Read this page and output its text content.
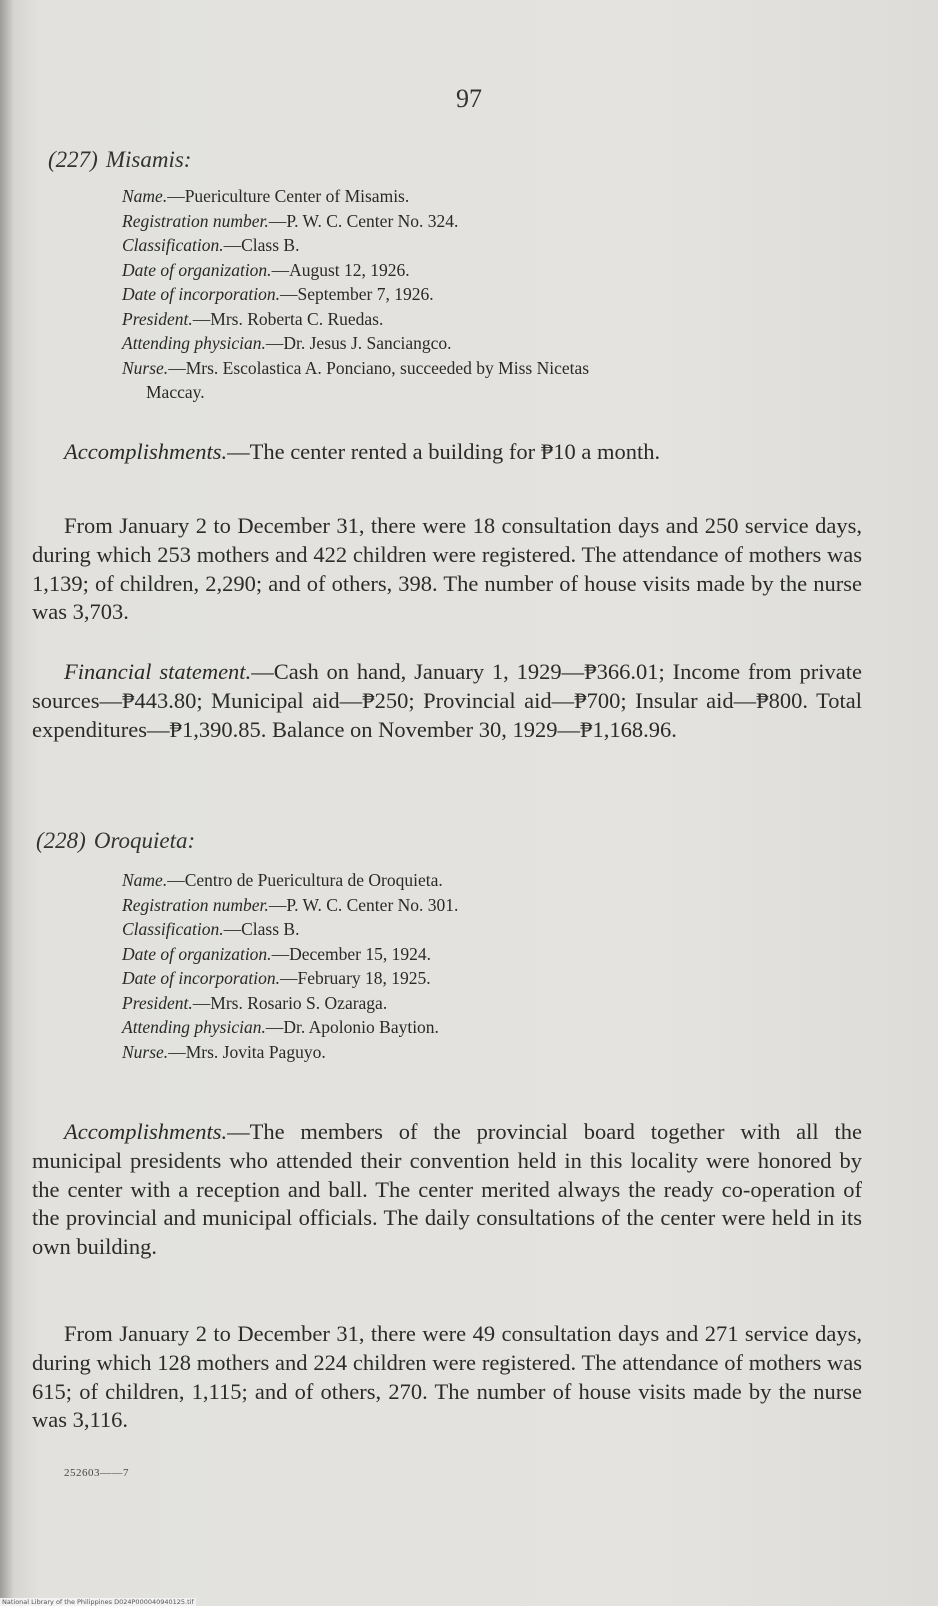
97
(227) Misamis:
Name.—Puericulture Center of Misamis.
Registration number.—P. W. C. Center No. 324.
Classification.—Class B.
Date of organization.—August 12, 1926.
Date of incorporation.—September 7, 1926.
President.—Mrs. Roberta C. Ruedas.
Attending physician.—Dr. Jesus J. Sanciangco.
Nurse.—Mrs. Escolastica A. Ponciano, succeeded by Miss Nicetas
Maccay.

Accomplishments.—The center rented a building for ₱10 a month.

From January 2 to December 31, there were 18 consultation days and 250 service days, during which 253 mothers and 422 children were registered. The attendance of mothers was 1,139; of children, 2,290; and of others, 398. The number of house visits made by the nurse was 3,703.

Financial statement.—Cash on hand, January 1, 1929—₱366.01; Income from private sources—₱443.80; Municipal aid—₱250; Provincial aid—₱700; Insular aid—₱800. Total expenditures—₱1,390.85. Balance on November 30, 1929—₱1,168.96.

(228) Oroquieta:
Name.—Centro de Puericultura de Oroquieta.
Registration number.—P. W. C. Center No. 301.
Classification.—Class B.
Date of organization.—December 15, 1924.
Date of incorporation.—February 18, 1925.
President.—Mrs. Rosario S. Ozaraga.
Attending physician.—Dr. Apolonio Baytion.
Nurse.—Mrs. Jovita Paguyo.

Accomplishments.—The members of the provincial board together with all the municipal presidents who attended their convention held in this locality were honored by the center with a reception and ball. The center merited always the ready co-operation of the provincial and municipal officials. The daily consultations of the center were held in its own building.

From January 2 to December 31, there were 49 consultation days and 271 service days, during which 128 mothers and 224 children were registered. The attendance of mothers was 615; of children, 1,115; and of others, 270. The number of house visits made by the nurse was 3,116.

252603——7
National Library of the Philippines D024P000040940125.tif
